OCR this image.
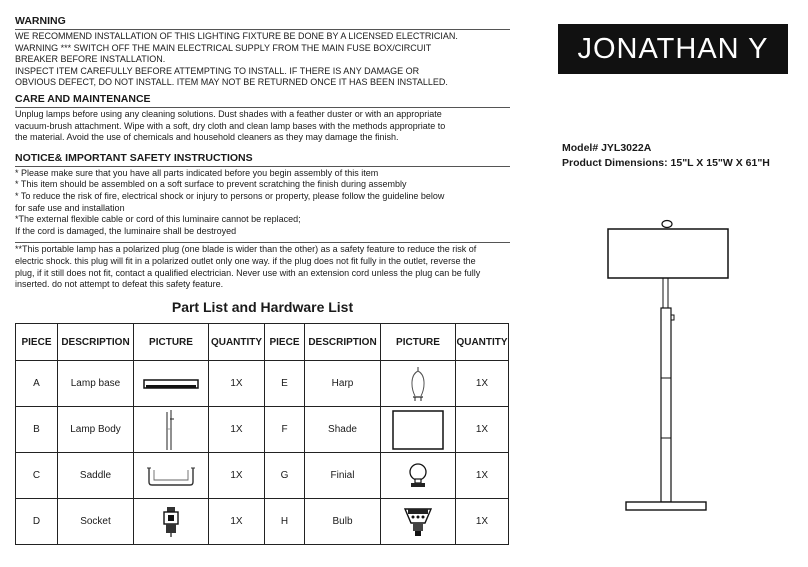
WARNING
WE RECOMMEND INSTALLATION OF THIS LIGHTING FIXTURE BE DONE BY A LICENSED ELECTRICIAN.
WARNING *** SWITCH OFF THE MAIN ELECTRICAL SUPPLY FROM THE MAIN FUSE BOX/CIRCUIT
BREAKER BEFORE INSTALLATION.
INSPECT ITEM CAREFULLY BEFORE ATTEMPTING TO INSTALL. IF THERE IS ANY DAMAGE OR
OBVIOUS DEFECT, DO NOT INSTALL. ITEM MAY NOT BE RETURNED ONCE IT HAS BEEN INSTALLED.
CARE AND MAINTENANCE
Unplug lamps before using any cleaning solutions. Dust shades with a feather duster or with an appropriate
vacuum-brush attachment. Wipe with a soft, dry cloth and clean lamp bases with the methods appropriate to
the material. Avoid the use of chemicals and household cleaners as they may damage the finish.
NOTICE& IMPORTANT SAFETY INSTRUCTIONS
* Please make sure that you have all parts indicated before you begin assembly of this item
* This item should be assembled on a soft surface to prevent scratching the finish during assembly
* To reduce the risk of fire, electrical shock or injury to persons or property, please follow the guideline below
for safe use and installation
*The external flexible cable or cord of this luminaire cannot be replaced;
If the cord is damaged, the luminaire shall be destroyed
**This portable lamp has a polarized plug (one blade is wider than the other) as a safety feature to reduce the risk of
electric shock. this plug will fit in a polarized outlet only one way. if the plug does not fit fully in the outlet, reverse the
plug, if it still does not fit, contact a qualified electrician. Never use with an extension cord unless the plug can be fully
inserted. do not attempt to defeat this safety feature.
Part List and Hardware List
PIECE	DESCRIPTION	PICTURE	QUANTITY	PIECE	DESCRIPTION	PICTURE	QUANTITY
A	Lamp base		1X	E	Harp		1X
B	Lamp Body		1X	F	Shade		1X
C	Saddle		1X	G	Finial		1X
D	Socket		1X	H	Bulb		1X
JONATHAN Y
Model# JYL3022A
Product Dimensions: 15"L X 15"W X 61"H
